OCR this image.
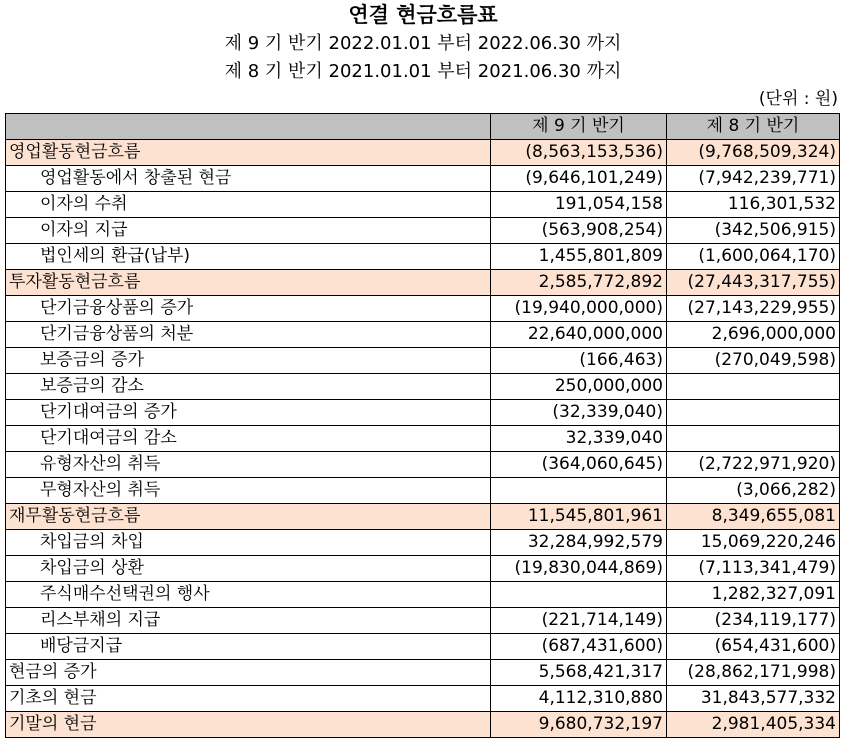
연결 현금흐름표
제 9 기 반기 2022.01.01 부터 2022.06.30 까지
제 8 기 반기 2021.01.01 부터 2021.06.30 까지
(단위 : 원)
	제 9 기 반기	제 8 기 반기
영업활동현금흐름	(8,563,153,536)	(9,768,509,324)
영업활동에서 창출된 현금	(9,646,101,249)	(7,942,239,771)
이자의 수취	191,054,158	116,301,532
이자의 지급	(563,908,254)	(342,506,915)
법인세의 환급(납부)	1,455,801,809	(1,600,064,170)
투자활동현금흐름	2,585,772,892	(27,443,317,755)
단기금융상품의 증가	(19,940,000,000)	(27,143,229,955)
단기금융상품의 처분	22,640,000,000	2,696,000,000
보증금의 증가	(166,463)	(270,049,598)
보증금의 감소	250,000,000	
단기대여금의 증가	(32,339,040)	
단기대여금의 감소	32,339,040	
유형자산의 취득	(364,060,645)	(2,722,971,920)
무형자산의 취득		(3,066,282)
재무활동현금흐름	11,545,801,961	8,349,655,081
차입금의 차입	32,284,992,579	15,069,220,246
차입금의 상환	(19,830,044,869)	(7,113,341,479)
주식매수선택권의 행사		1,282,327,091
리스부채의 지급	(221,714,149)	(234,119,177)
배당금지급	(687,431,600)	(654,431,600)
현금의 증가	5,568,421,317	(28,862,171,998)
기초의 현금	4,112,310,880	31,843,577,332
기말의 현금	9,680,732,197	2,981,405,334
